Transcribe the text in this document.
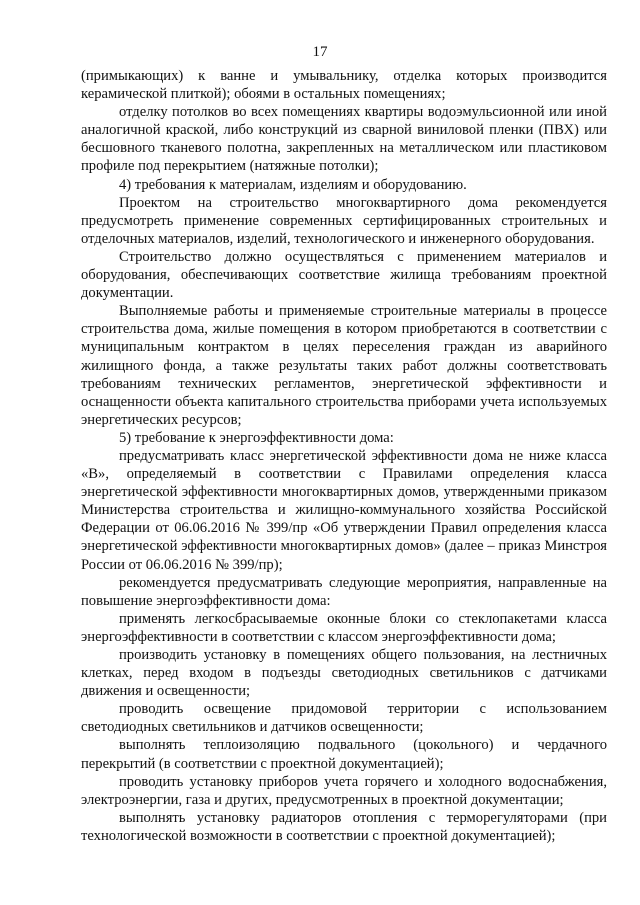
17

(примыкающих) к ванне и умывальнику, отделка которых производится керамической плиткой); обоями в остальных помещениях;

отделку потолков во всех помещениях квартиры водоэмульсионной или иной аналогичной краской, либо конструкций из сварной виниловой пленки (ПВХ) или бесшовного тканевого полотна, закрепленных на металлическом или пластиковом профиле под перекрытием (натяжные потолки);

4) требования к материалам, изделиям и оборудованию.

Проектом на строительство многоквартирного дома рекомендуется предусмотреть применение современных сертифицированных строительных и отделочных материалов, изделий, технологического и инженерного оборудования.

Строительство должно осуществляться с применением материалов и оборудования, обеспечивающих соответствие жилища требованиям проектной документации.

Выполняемые работы и применяемые строительные материалы в процессе строительства дома, жилые помещения в котором приобретаются в соответствии с муниципальным контрактом в целях переселения граждан из аварийного жилищного фонда, а также результаты таких работ должны соответствовать требованиям технических регламентов, энергетической эффективности и оснащенности объекта капитального строительства приборами учета используемых энергетических ресурсов;

5) требование к энергоэффективности дома:

предусматривать класс энергетической эффективности дома не ниже класса «В», определяемый в соответствии с Правилами определения класса энергетической эффективности многоквартирных домов, утвержденными приказом Министерства строительства и жилищно-коммунального хозяйства Российской Федерации от 06.06.2016 № 399/пр «Об утверждении Правил определения класса энергетической эффективности многоквартирных домов» (далее – приказ Минстроя России от 06.06.2016 № 399/пр);

рекомендуется предусматривать следующие мероприятия, направленные на повышение энергоэффективности дома:

применять легкосбрасываемые оконные блоки со стеклопакетами класса энергоэффективности в соответствии с классом энергоэффективности дома;

производить установку в помещениях общего пользования, на лестничных клетках, перед входом в подъезды светодиодных светильников с датчиками движения и освещенности;

проводить освещение придомовой территории с использованием светодиодных светильников и датчиков освещенности;

выполнять теплоизоляцию подвального (цокольного) и чердачного перекрытий (в соответствии с проектной документацией);

проводить установку приборов учета горячего и холодного водоснабжения, электроэнергии, газа и других, предусмотренных в проектной документации;

выполнять установку радиаторов отопления с терморегуляторами (при технологической возможности в соответствии с проектной документацией);
